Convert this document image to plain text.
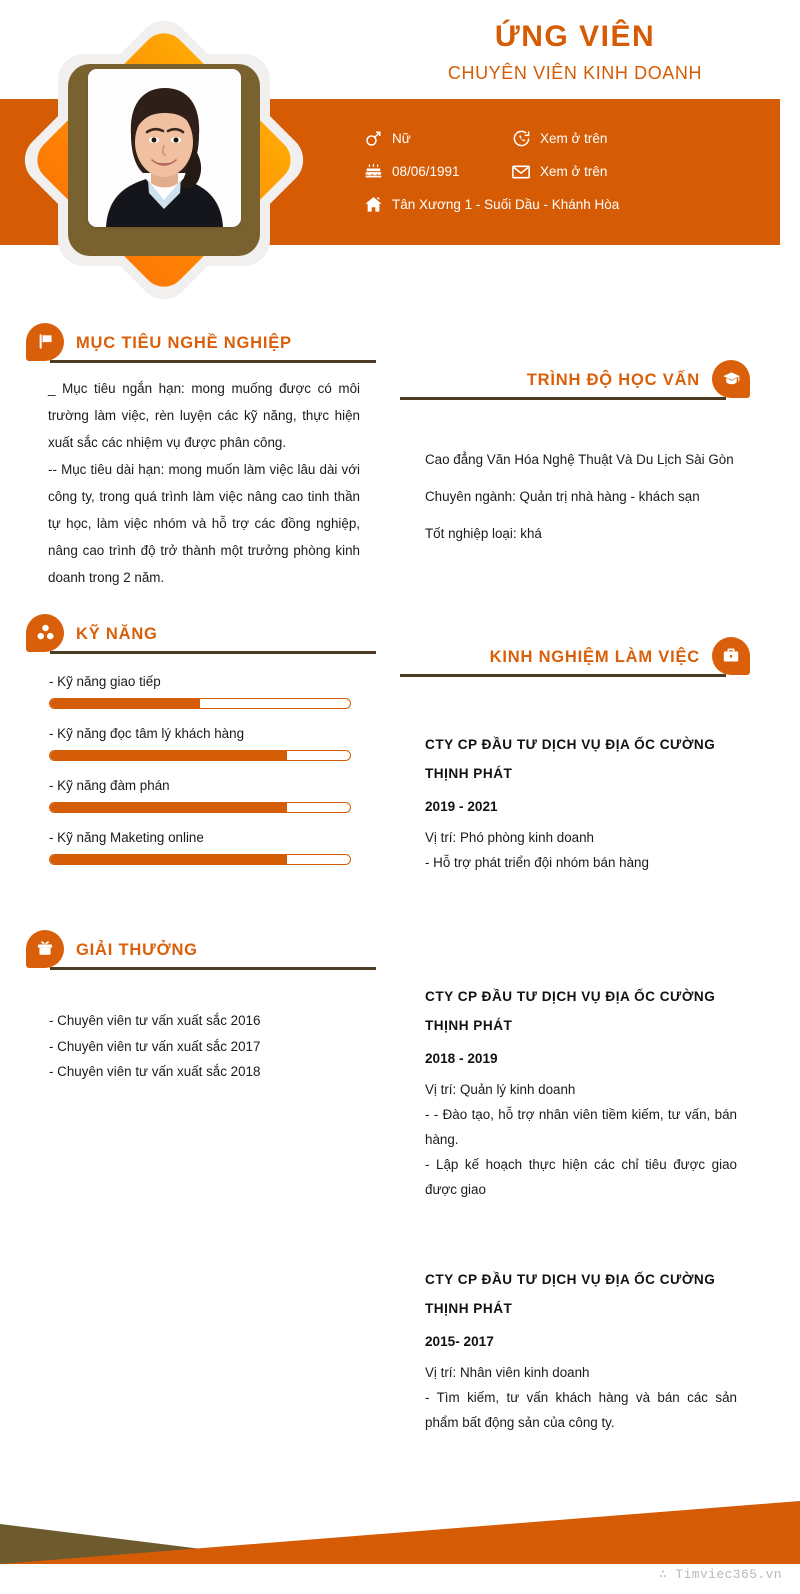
ỨNG VIÊN
CHUYÊN VIÊN KINH DOANH
Nữ	Xem ở trên
08/06/1991	Xem ở trên
Tân Xương 1 - Suối Dầu - Khánh Hòa
MỤC TIÊU NGHỀ NGHIỆP
_ Mục tiêu ngắn hạn: mong muống được có môi trường làm việc, rèn luyện các kỹ năng, thực hiện xuất sắc các nhiệm vụ được phân công.
-- Mục tiêu dài hạn: mong muốn làm việc lâu dài với công ty, trong quá trình làm việc nâng cao tinh thần tự học, làm việc nhóm và hỗ trợ các đồng nghiệp, nâng cao trình độ trở thành một trưởng phòng kinh doanh trong 2 năm.
KỸ NĂNG
- Kỹ năng giao tiếp
- Kỹ năng đọc tâm lý khách hàng
- Kỹ năng đàm phán
- Kỹ năng Maketing online
GIẢI THƯỞNG
- Chuyên viên tư vấn xuất sắc 2016
- Chuyên viên tư vấn xuất sắc 2017
- Chuyên viên tư vấn xuất sắc 2018
TRÌNH ĐỘ HỌC VẤN
Cao đẳng Văn Hóa Nghệ Thuật Và Du Lịch Sài Gòn
Chuyên ngành: Quản trị nhà hàng - khách sạn
Tốt nghiệp loại: khá
KINH NGHIỆM LÀM VIỆC
CTY CP ĐẦU TƯ DỊCH VỤ ĐỊA ỐC CƯỜNG
THỊNH PHÁT
2019 - 2021
Vị trí: Phó phòng kinh doanh
- Hỗ trợ phát triển đội nhóm bán hàng
CTY CP ĐẦU TƯ DỊCH VỤ ĐỊA ỐC CƯỜNG
THỊNH PHÁT
2018 - 2019
Vị trí: Quản lý kinh doanh
- - Đào tạo, hỗ trợ nhân viên tiềm kiếm, tư vấn, bán hàng.
- Lập kế hoạch thực hiện các chỉ tiêu được giao được giao
CTY CP ĐẦU TƯ DỊCH VỤ ĐỊA ỐC CƯỜNG
THỊNH PHÁT
2015- 2017
Vị trí: Nhân viên kinh doanh
- Tìm kiếm, tư vấn khách hàng và bán các sản phẩm bất động sản của công ty.
∴ Timviec365.vn
